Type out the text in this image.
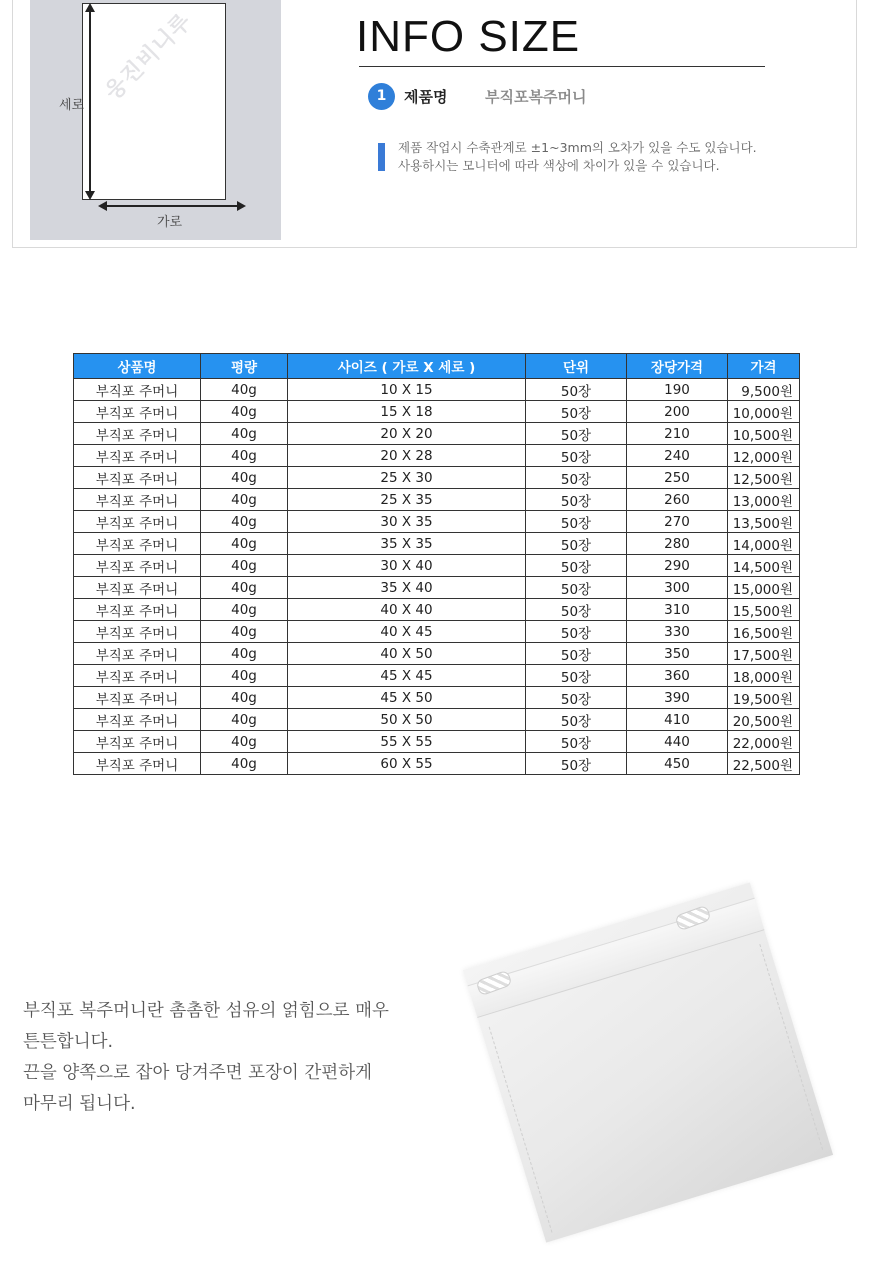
웅진비니루
세로
가로
INFO SIZE
1	제품명	부직포복주머니
제품 작업시 수축관계로 ±1~3mm의 오차가 있을 수도 있습니다.
사용하시는 모니터에 따라 색상에 차이가 있을 수 있습니다.
상품명	평량	사이즈 ( 가로 X 세로 )	단위	장당가격	가격
부직포 주머니	40g	10 X 15	50장	190	9,500원
부직포 주머니	40g	15 X 18	50장	200	10,000원
부직포 주머니	40g	20 X 20	50장	210	10,500원
부직포 주머니	40g	20 X 28	50장	240	12,000원
부직포 주머니	40g	25 X 30	50장	250	12,500원
부직포 주머니	40g	25 X 35	50장	260	13,000원
부직포 주머니	40g	30 X 35	50장	270	13,500원
부직포 주머니	40g	35 X 35	50장	280	14,000원
부직포 주머니	40g	30 X 40	50장	290	14,500원
부직포 주머니	40g	35 X 40	50장	300	15,000원
부직포 주머니	40g	40 X 40	50장	310	15,500원
부직포 주머니	40g	40 X 45	50장	330	16,500원
부직포 주머니	40g	40 X 50	50장	350	17,500원
부직포 주머니	40g	45 X 45	50장	360	18,000원
부직포 주머니	40g	45 X 50	50장	390	19,500원
부직포 주머니	40g	50 X 50	50장	410	20,500원
부직포 주머니	40g	55 X 55	50장	440	22,000원
부직포 주머니	40g	60 X 55	50장	450	22,500원
부직포 복주머니란 촘촘한 섬유의 얽힘으로 매우
튼튼합니다.
끈을 양쪽으로 잡아 당겨주면 포장이 간편하게
마무리 됩니다.
